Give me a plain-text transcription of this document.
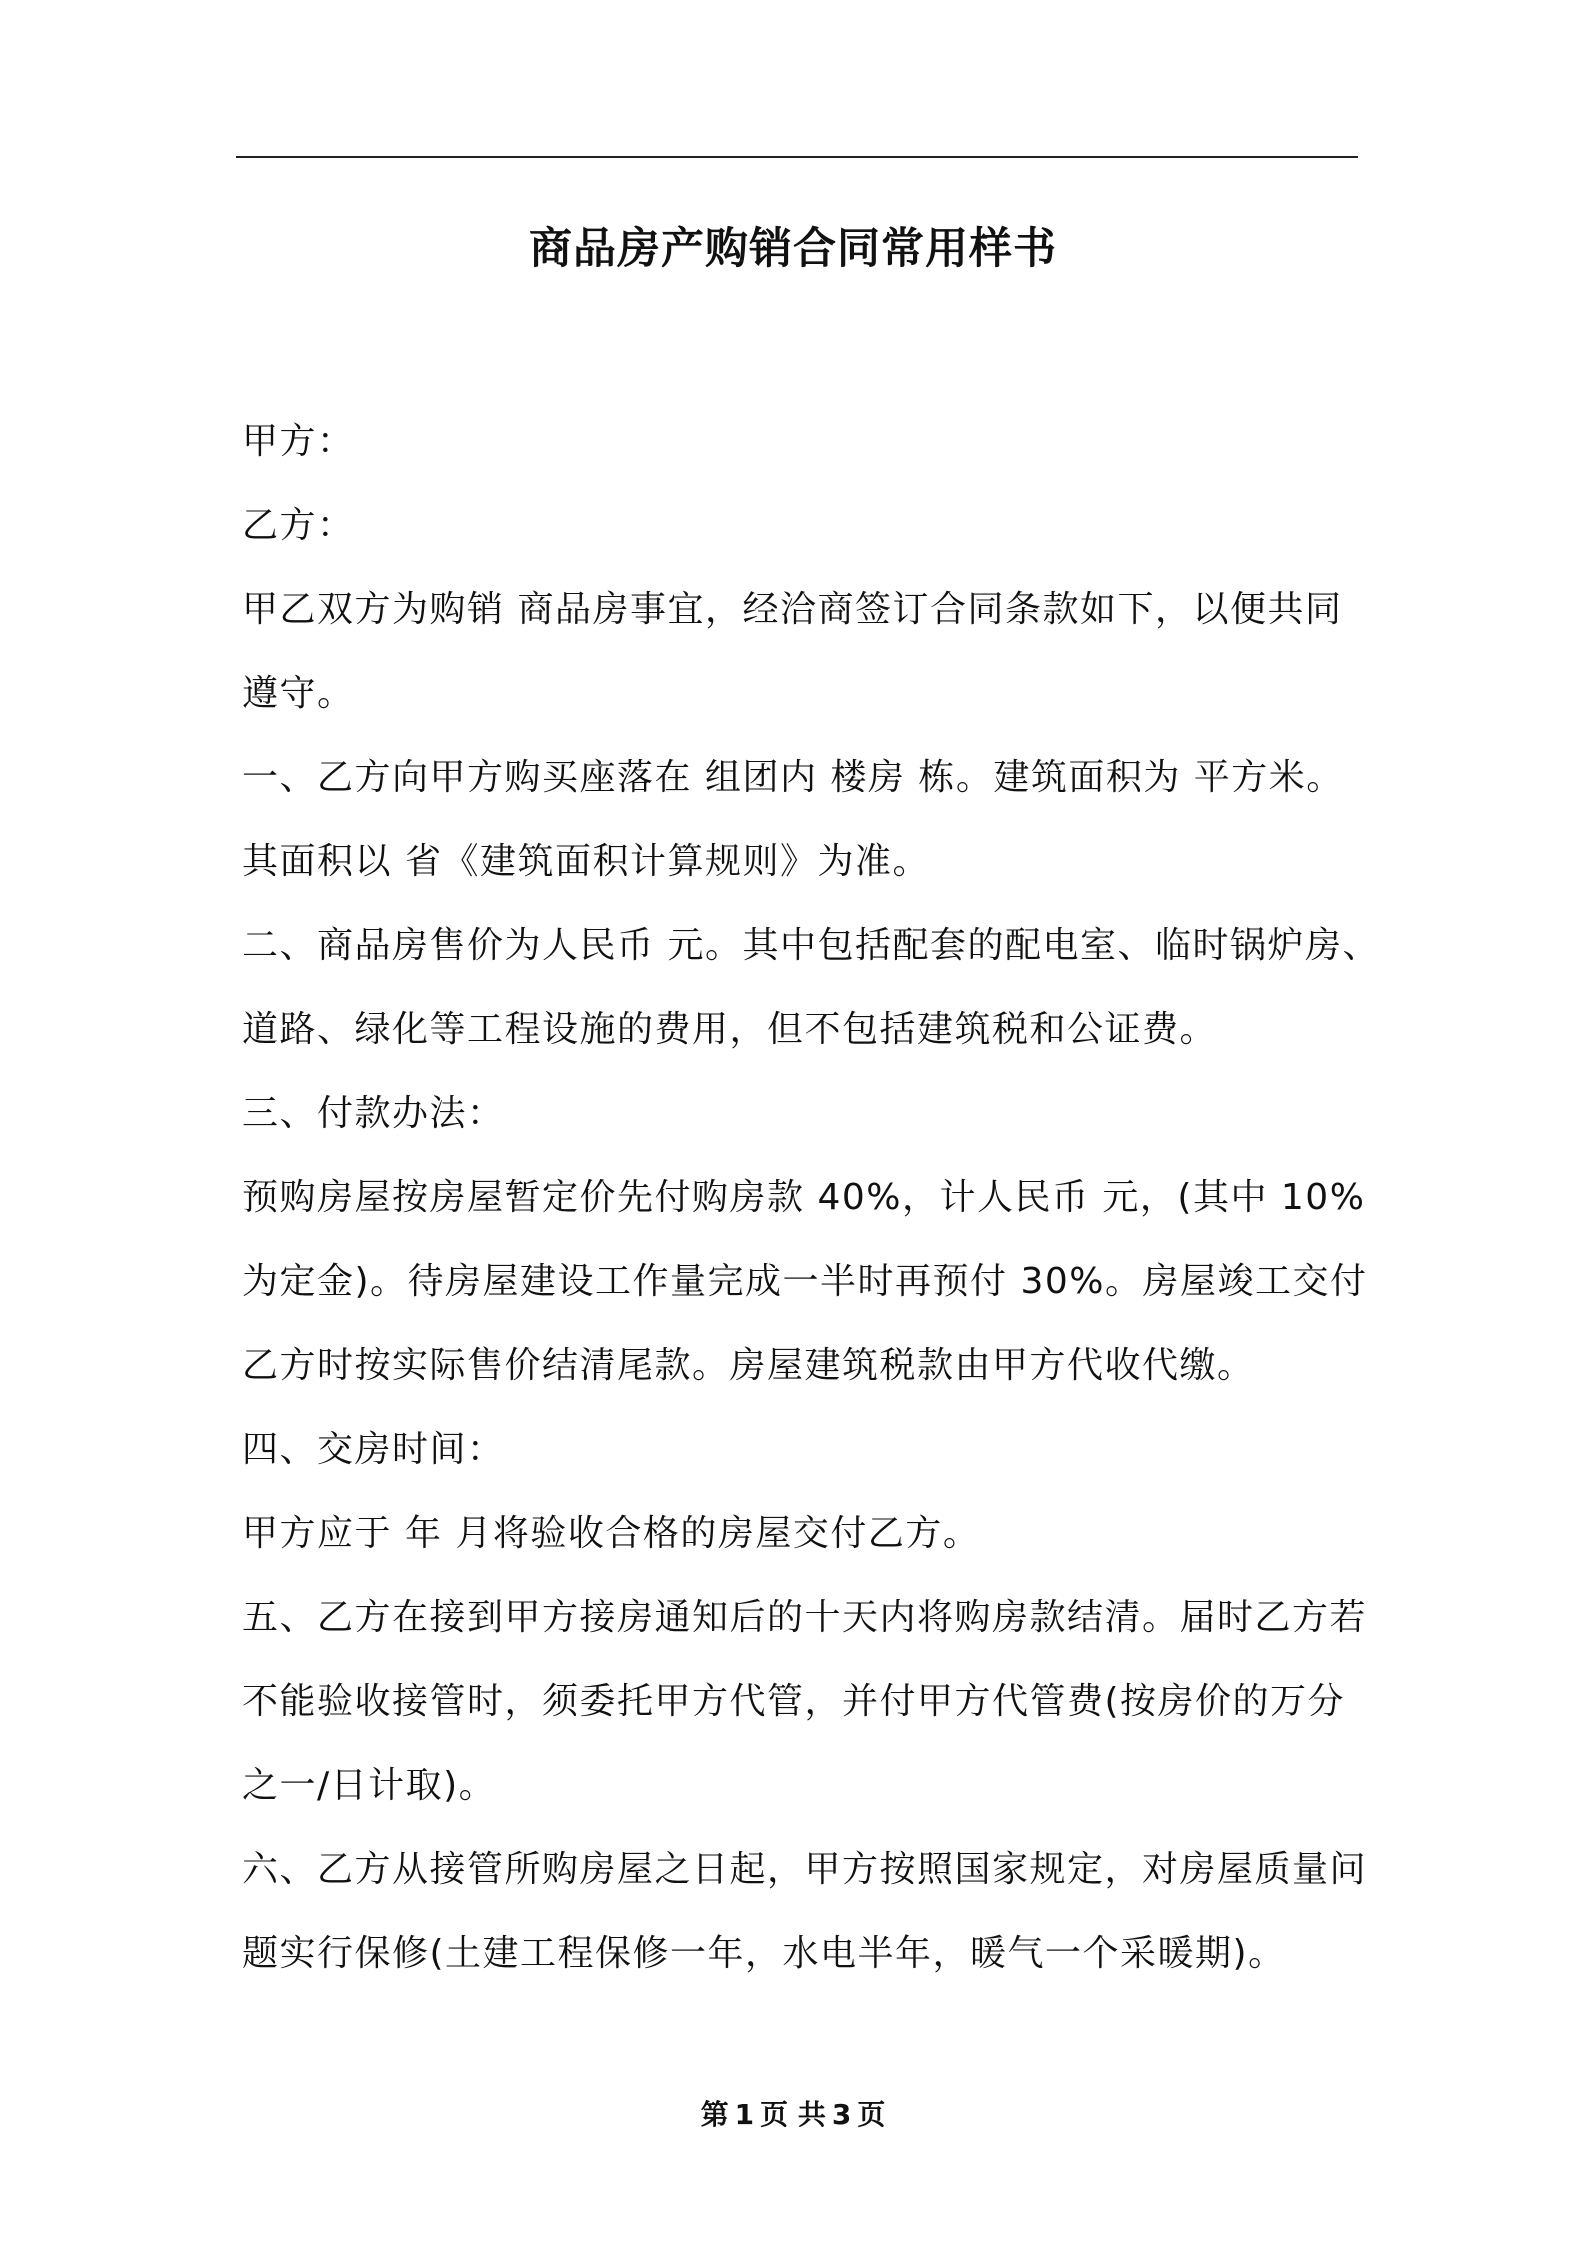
商品房产购销合同常用样书
甲方：
乙方：
甲乙双方为购销 商品房事宜，经洽商签订合同条款如下，以便共同
遵守。
一、乙方向甲方购买座落在 组团内 楼房 栋。建筑面积为 平方米。
其面积以 省《建筑面积计算规则》为准。
二、商品房售价为人民币 元。其中包括配套的配电室、临时锅炉房、
道路、绿化等工程设施的费用，但不包括建筑税和公证费。
三、付款办法：
预购房屋按房屋暂定价先付购房款 40%，计人民币 元，(其中 10%
为定金)。待房屋建设工作量完成一半时再预付 30%。房屋竣工交付
乙方时按实际售价结清尾款。房屋建筑税款由甲方代收代缴。
四、交房时间：
甲方应于 年 月将验收合格的房屋交付乙方。
五、乙方在接到甲方接房通知后的十天内将购房款结清。届时乙方若
不能验收接管时，须委托甲方代管，并付甲方代管费(按房价的万分
之一/日计取)。
六、乙方从接管所购房屋之日起，甲方按照国家规定，对房屋质量问
题实行保修(土建工程保修一年，水电半年，暖气一个采暖期)。
第 1 页 共 3 页
